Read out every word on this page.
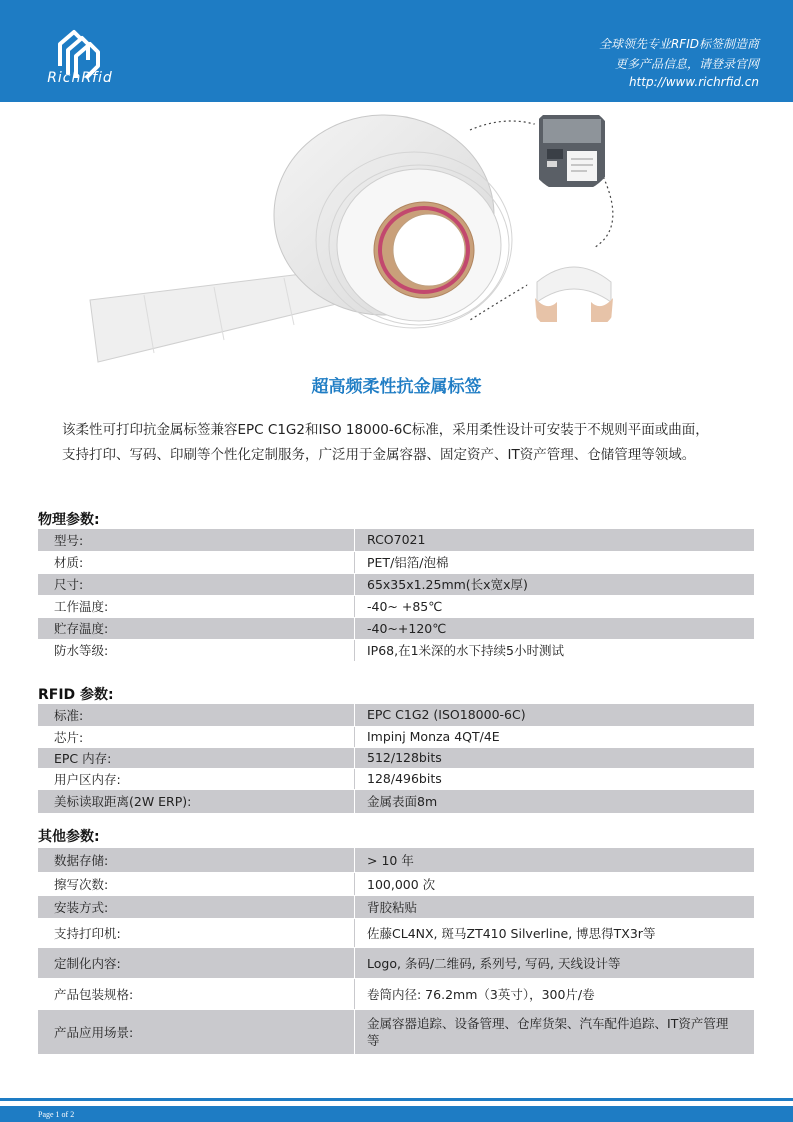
RichRfid
全球领先专业RFID标签制造商
更多产品信息，请登录官网
http://www.richrfid.cn
超高频柔性抗金属标签
该柔性可打印抗金属标签兼容EPC C1G2和ISO 18000-6C标准，采用柔性设计可安装于不规则平面或曲面，
支持打印、写码、印刷等个性化定制服务，广泛用于金属容器、固定资产、IT资产管理、仓储管理等领域。
物理参数:
型号:	RCO7021
材质:	PET/铝箔/泡棉
尺寸:	65x35x1.25mm(长x宽x厚)
工作温度:	-40~ +85℃
贮存温度:	-40~+120℃
防水等级:	IP68,在1米深的水下持续5小时测试
RFID 参数:
标准:	EPC C1G2 (ISO18000-6C)
芯片:	Impinj Monza 4QT/4E
EPC 内存:	512/128bits
用户区内存:	128/496bits
美标读取距离(2W ERP):	金属表面8m
其他参数:
数据存储:	> 10 年
擦写次数:	100,000 次
安装方式:	背胶粘贴
支持打印机:	佐藤CL4NX, 斑马ZT410 Silverline, 博思得TX3r等
定制化内容:	Logo, 条码/二维码, 系列号, 写码, 天线设计等
产品包装规格:	卷筒内径: 76.2mm（3英寸），300片/卷
产品应用场景:	金属容器追踪、设备管理、仓库货架、汽车配件追踪、IT资产管理等
Page 1 of 2
